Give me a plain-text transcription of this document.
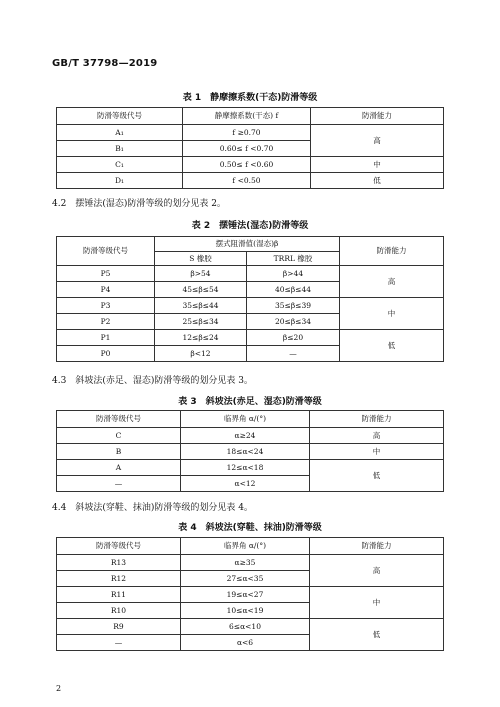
GB/T 37798—2019
表 1　静摩擦系数(干态)防滑等级
防滑等级代号	静摩擦系数(干态) f	防滑能力
A₁	f ≥0.70	高
B₁	0.60≤ f <0.70	
C₁	0.50≤ f <0.60	中
D₁	f <0.50	低
4.2　摆锤法(湿态)防滑等级的划分见表 2。
表 2　摆锤法(湿态)防滑等级
防滑等级代号	摆式阻滑值(湿态)β		防滑能力
	S 橡胶	TRRL 橡胶	
P5	β>54	β>44	高
P4	45≤β≤54	40≤β≤44	
P3	35≤β≤44	35≤β≤39	中
P2	25≤β≤34	20≤β≤34	
P1	12≤β≤24	β≤20	低
P0	β<12	—	
4.3　斜坡法(赤足、湿态)防滑等级的划分见表 3。
表 3　斜坡法(赤足、湿态)防滑等级
防滑等级代号	临界角 α/(°)	防滑能力
C	α≥24	高
B	18≤α<24	中
A	12≤α<18	低
—	α<12	
4.4　斜坡法(穿鞋、抹油)防滑等级的划分见表 4。
表 4　斜坡法(穿鞋、抹油)防滑等级
防滑等级代号	临界角 α/(°)	防滑能力
R13	α≥35	高
R12	27≤α<35	
R11	19≤α<27	中
R10	10≤α<19	
R9	6≤α<10	低
—	α<6	
2
